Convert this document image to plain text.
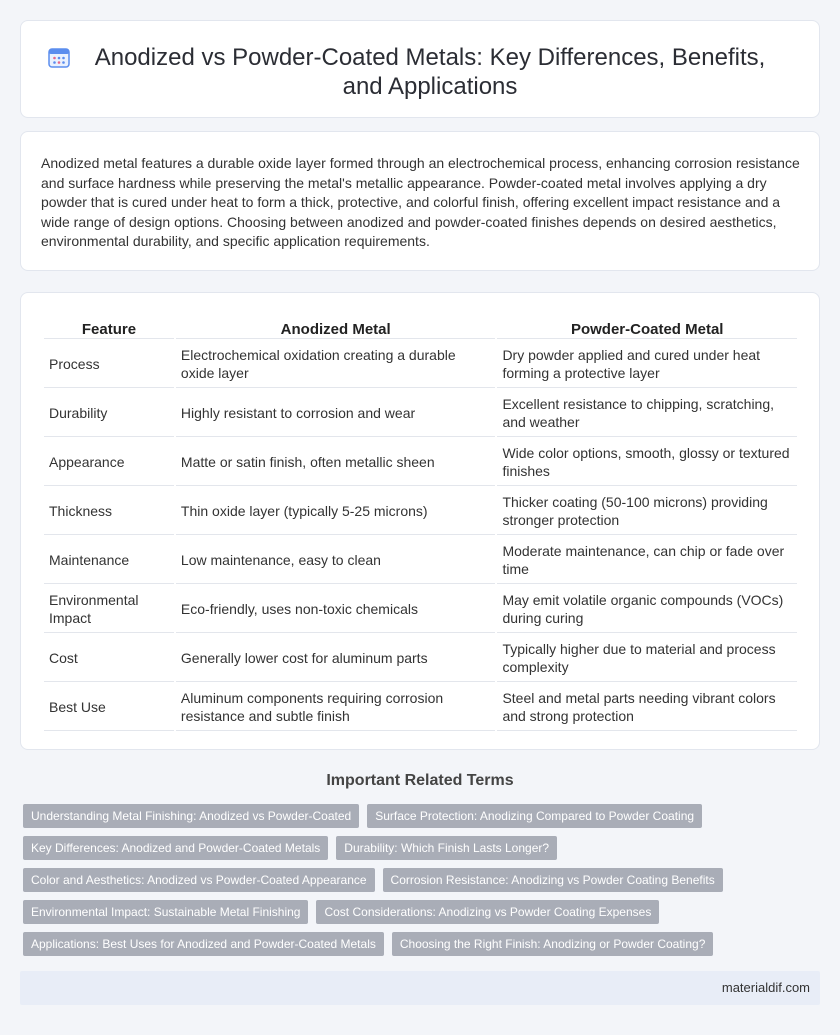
Anodized vs Powder-Coated Metals: Key Differences, Benefits, and Applications

Anodized metal features a durable oxide layer formed through an electrochemical process, enhancing corrosion resistance and surface hardness while preserving the metal's metallic appearance. Powder-coated metal involves applying a dry powder that is cured under heat to form a thick, protective, and colorful finish, offering excellent impact resistance and a wide range of design options. Choosing between anodized and powder-coated finishes depends on desired aesthetics, environmental durability, and specific application requirements.

Feature	Anodized Metal	Powder-Coated Metal
Process	Electrochemical oxidation creating a durable oxide layer	Dry powder applied and cured under heat forming a protective layer
Durability	Highly resistant to corrosion and wear	Excellent resistance to chipping, scratching, and weather
Appearance	Matte or satin finish, often metallic sheen	Wide color options, smooth, glossy or textured finishes
Thickness	Thin oxide layer (typically 5-25 microns)	Thicker coating (50-100 microns) providing stronger protection
Maintenance	Low maintenance, easy to clean	Moderate maintenance, can chip or fade over time
Environmental Impact	Eco-friendly, uses non-toxic chemicals	May emit volatile organic compounds (VOCs) during curing
Cost	Generally lower cost for aluminum parts	Typically higher due to material and process complexity
Best Use	Aluminum components requiring corrosion resistance and subtle finish	Steel and metal parts needing vibrant colors and strong protection
Important Related Terms
Understanding Metal Finishing: Anodized vs Powder-Coated	Surface Protection: Anodizing Compared to Powder Coating
Key Differences: Anodized and Powder-Coated Metals	Durability: Which Finish Lasts Longer?
Color and Aesthetics: Anodized vs Powder-Coated Appearance	Corrosion Resistance: Anodizing vs Powder Coating Benefits
Environmental Impact: Sustainable Metal Finishing	Cost Considerations: Anodizing vs Powder Coating Expenses
Applications: Best Uses for Anodized and Powder-Coated Metals	Choosing the Right Finish: Anodizing or Powder Coating?
materialdif.com
